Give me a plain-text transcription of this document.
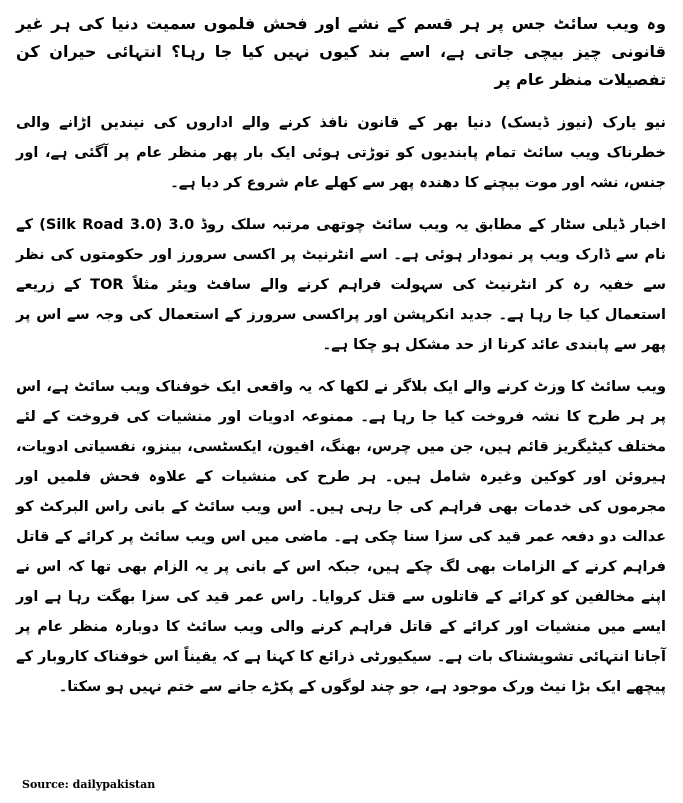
وہ ویب سائٹ جس پر ہر قسم کے نشے اور فحش فلموں سمیت دنیا کی ہر غیر قانونی چیز بیچی جاتی ہے، اسے بند کیوں نہیں کیا جا رہا؟ انتہائی حیران کن تفصیلات منظر عام پر

نیو یارک (نیوز ڈیسک) دنیا بھر کے قانون نافذ کرنے والے اداروں کی نیندیں اڑانے والی خطرناک ویب سائٹ تمام پابندیوں کو توڑتی ہوئی ایک بار پھر منظر عام پر آگئی ہے، اور جنس، نشہ اور موت بیچنے کا دھندہ پھر سے کھلے عام شروع کر دیا ہے۔

اخبار ڈیلی سٹار کے مطابق یہ ویب سائٹ چوتھی مرتبہ سلک روڈ 3.0 (Silk Road 3.0) کے نام سے ڈارک ویب پر نمودار ہوئی ہے۔ اسے انٹرنیٹ پر اکسی سرورز اور حکومتوں کی نظر سے خفیہ رہ کر انٹرنیٹ کی سہولت فراہم کرنے والے سافٹ ویئر مثلاً TOR کے زریعے استعمال کیا جا رہا ہے۔ جدید انکرپشن اور پراکسی سرورز کے استعمال کی وجہ سے اس پر پھر سے پابندی عائد کرنا از حد مشکل ہو چکا ہے۔

ویب سائٹ کا وزٹ کرنے والے ایک بلاگر نے لکھا کہ یہ واقعی ایک خوفناک ویب سائٹ ہے، اس پر ہر طرح کا نشہ فروخت کیا جا رہا ہے۔ ممنوعہ ادویات اور منشیات کی فروخت کے لئے مختلف کیٹیگریز قائم ہیں، جن میں چرس، بھنگ، افیون، ایکسٹسی، بینزو، نفسیاتی ادویات، ہیروئن اور کوکین وغیرہ شامل ہیں۔ ہر طرح کی منشیات کے علاوہ فحش فلمیں اور مجرموں کی خدمات بھی فراہم کی جا رہی ہیں۔ اس ویب سائٹ کے بانی راس البرکٹ کو عدالت دو دفعہ عمر قید کی سزا سنا چکی ہے۔ ماضی میں اس ویب سائٹ پر کرائے کے قاتل فراہم کرنے کے الزامات بھی لگ چکے ہیں، جبکہ اس کے بانی پر یہ الزام بھی تھا کہ اس نے اپنے مخالفین کو کرائے کے قاتلوں سے قتل کروایا۔ راس عمر قید کی سزا بھگت رہا ہے اور ایسے میں منشیات اور کرائے کے قاتل فراہم کرنے والی ویب سائٹ کا دوبارہ منظر عام پر آجانا انتہائی تشویشناک بات ہے۔ سیکیورٹی ذرائع کا کہنا ہے کہ یقیناً اس خوفناک کاروبار کے پیچھے ایک بڑا نیٹ ورک موجود ہے، جو چند لوگوں کے پکڑے جانے سے ختم نہیں ہو سکتا۔

Source: dailypakistan
